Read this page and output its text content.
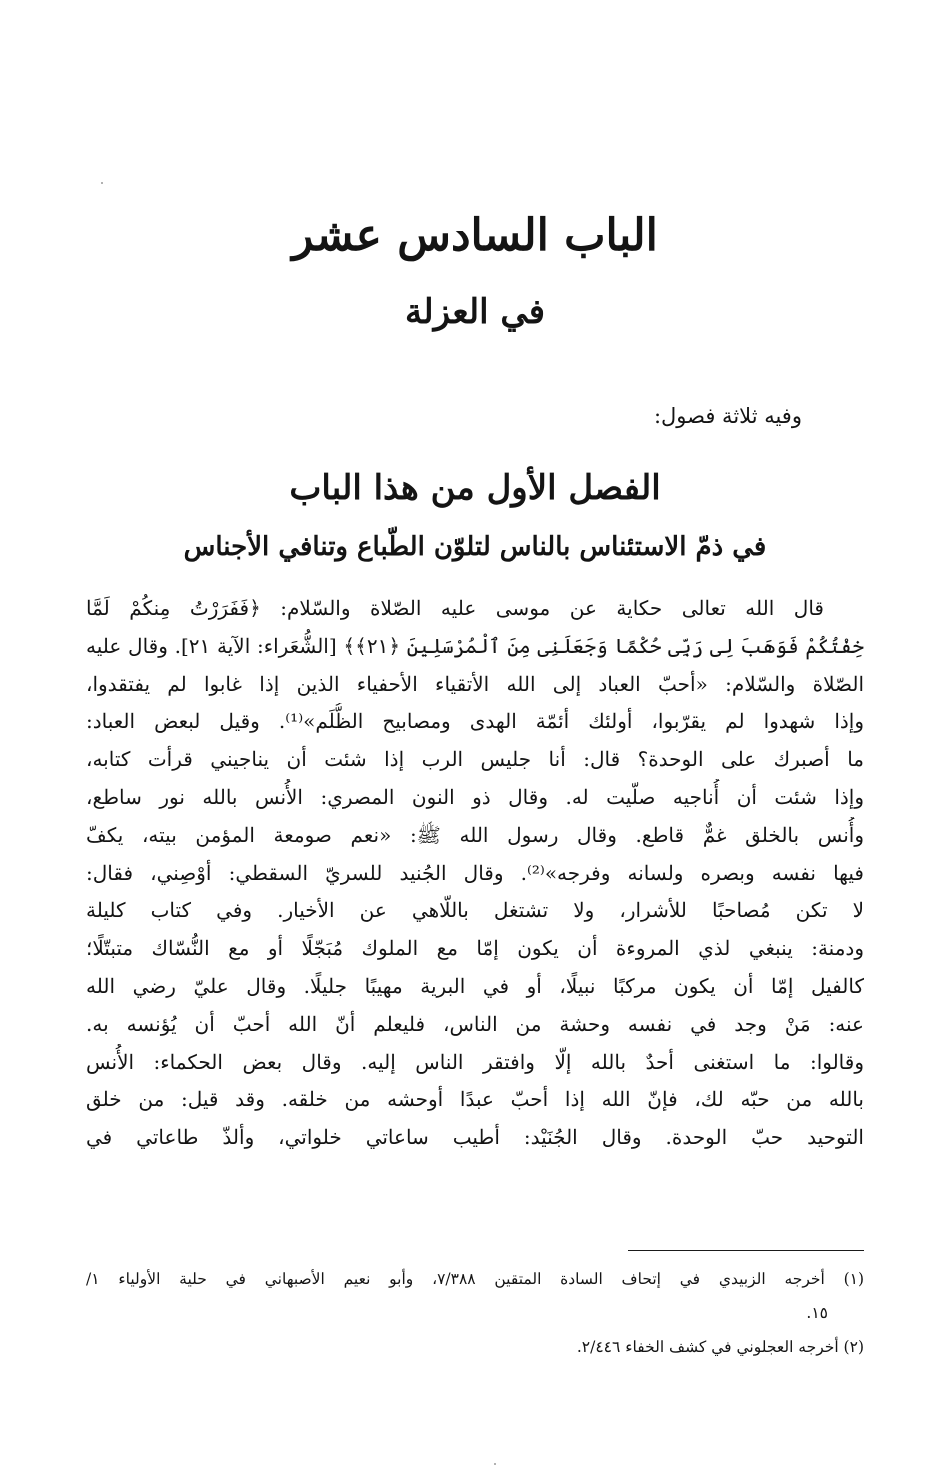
الباب السادس عشر
في العزلة

وفيه ثلاثة فصول:

الفصل الأول من هذا الباب
في ذمّ الاستئناس بالناس لتلوّن الطّباع وتنافي الأجناس
قال الله تعالى حكاية عن موسى عليه الصّلاة والسّلام: ﴿فَفَرَرْتُ مِنكُمْ لَمَّا
خِفْتُكُمْ فَوَهَبَ لِى رَبِّى حُكْمًا وَجَعَلَنِى مِنَ ٱلْمُرْسَلِينَ ﴿٢١﴾﴾ [الشُّعَراء: الآية ٢١]. وقال عليه
الصّلاة والسّلام: «أحبّ العباد إلى الله الأتقياء الأحفياء الذين إذا غابوا لم يفتقدوا،
وإذا شهدوا لم يقرّبوا، أولئك أئمّة الهدى ومصابيح الظُّلَم»⁽¹⁾. وقيل لبعض العباد:
ما أصبرك على الوحدة؟ قال: أنا جليس الرب إذا شئت أن يناجيني قرأت كتابه،
وإذا شئت أن أُناجيه صلّيت له. وقال ذو النون المصري: الأُنس بالله نور ساطع،
وأُنس بالخلق غمٌّ قاطع. وقال رسول الله ﷺ: «نعم صومعة المؤمن بيته، يكفّ
فيها نفسه وبصره ولسانه وفرجه»⁽²⁾. وقال الجُنيد للسريّ السقطي: أوْصِني، فقال:
لا تكن مُصاحبًا للأشرار، ولا تشتغل باللّاهي عن الأخيار. وفي كتاب كليلة
ودمنة: ينبغي لذي المروءة أن يكون إمّا مع الملوك مُبَجّلًا أو مع النُّسّاك متبتّلًا؛
كالفيل إمّا أن يكون مركبًا نبيلًا، أو في البرية مهيبًا جليلًا. وقال عليّ رضي الله
عنه: مَنْ وجد في نفسه وحشة من الناس، فليعلم أنّ الله أحبّ أن يُؤنسه به.
وقالوا: ما استغنى أحدٌ بالله إلّا وافتقر الناس إليه. وقال بعض الحكماء: الأُنس
بالله من حبّه لك، فإنّ الله إذا أحبّ عبدًا أوحشه من خلقه. وقد قيل: من خلق
التوحيد حبّ الوحدة. وقال الجُنَيْد: أطيب ساعاتي خلواتي، وألذّ طاعاتي في
(١) أخرجه الزبيدي في إتحاف السادة المتقين ٧/٣٨٨، وأبو نعيم الأصبهاني في حلية الأولياء ١/
١٥.
(٢) أخرجه العجلوني في كشف الخفاء ٢/٤٤٦.
